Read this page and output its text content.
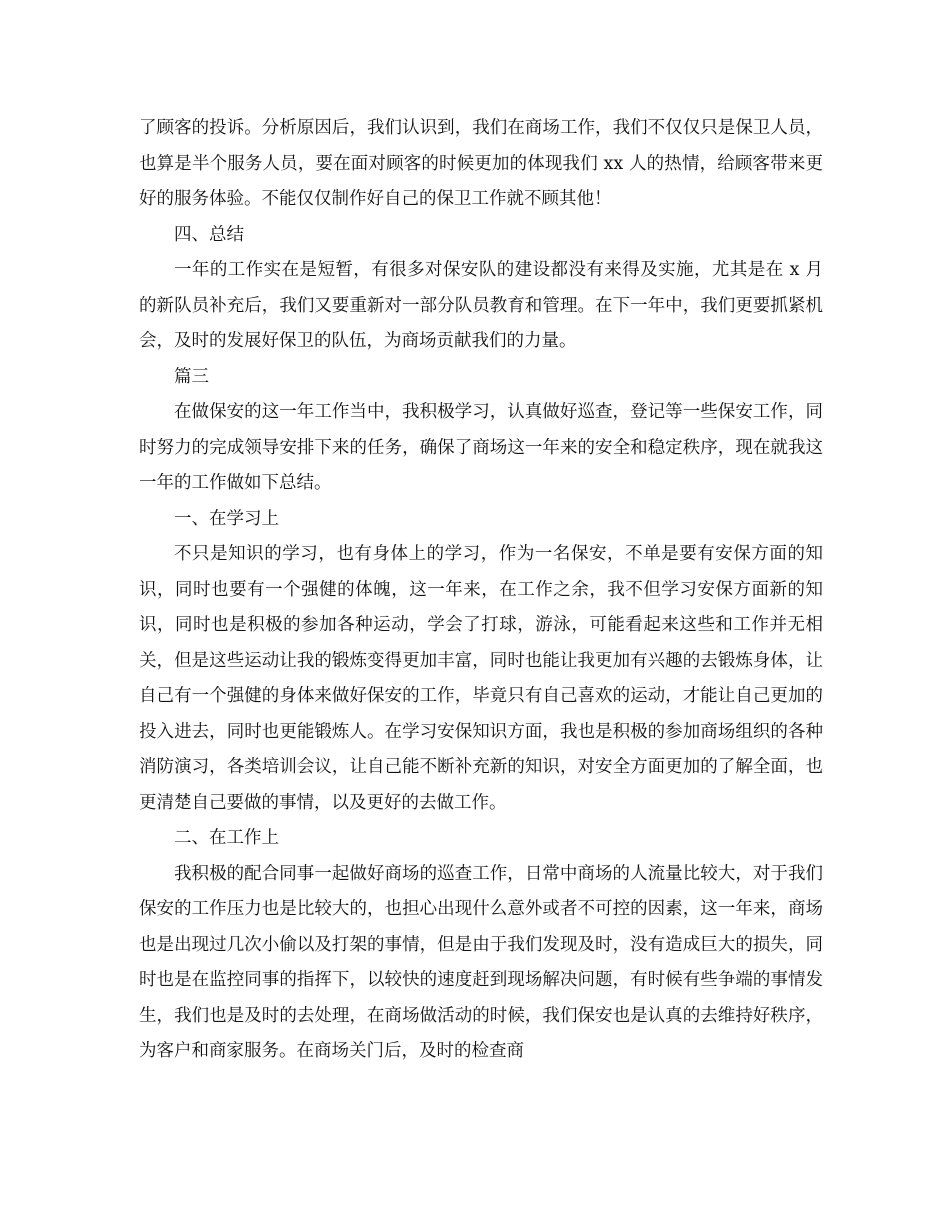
了顾客的投诉。分析原因后，我们认识到，我们在商场工作，我们不仅仅只是保卫人员，也算是半个服务人员，要在面对顾客的时候更加的体现我们 xx 人的热情，给顾客带来更好的服务体验。不能仅仅制作好自己的保卫工作就不顾其他！

四、总结

一年的工作实在是短暂，有很多对保安队的建设都没有来得及实施，尤其是在 x 月的新队员补充后，我们又要重新对一部分队员教育和管理。在下一年中，我们更要抓紧机会，及时的发展好保卫的队伍，为商场贡献我们的力量。

篇三

在做保安的这一年工作当中，我积极学习，认真做好巡查，登记等一些保安工作，同时努力的完成领导安排下来的任务，确保了商场这一年来的安全和稳定秩序，现在就我这一年的工作做如下总结。

一、在学习上

不只是知识的学习，也有身体上的学习，作为一名保安，不单是要有安保方面的知识，同时也要有一个强健的体魄，这一年来，在工作之余，我不但学习安保方面新的知识，同时也是积极的参加各种运动，学会了打球，游泳，可能看起来这些和工作并无相关，但是这些运动让我的锻炼变得更加丰富，同时也能让我更加有兴趣的去锻炼身体，让自己有一个强健的身体来做好保安的工作，毕竟只有自己喜欢的运动，才能让自己更加的投入进去，同时也更能锻炼人。在学习安保知识方面，我也是积极的参加商场组织的各种消防演习，各类培训会议，让自己能不断补充新的知识，对安全方面更加的了解全面，也更清楚自己要做的事情，以及更好的去做工作。

二、在工作上

我积极的配合同事一起做好商场的巡查工作，日常中商场的人流量比较大，对于我们保安的工作压力也是比较大的，也担心出现什么意外或者不可控的因素，这一年来，商场也是出现过几次小偷以及打架的事情，但是由于我们发现及时，没有造成巨大的损失，同时也是在监控同事的指挥下，以较快的速度赶到现场解决问题，有时候有些争端的事情发生，我们也是及时的去处理，在商场做活动的时候，我们保安也是认真的去维持好秩序，为客户和商家服务。在商场关门后，及时的检查商
